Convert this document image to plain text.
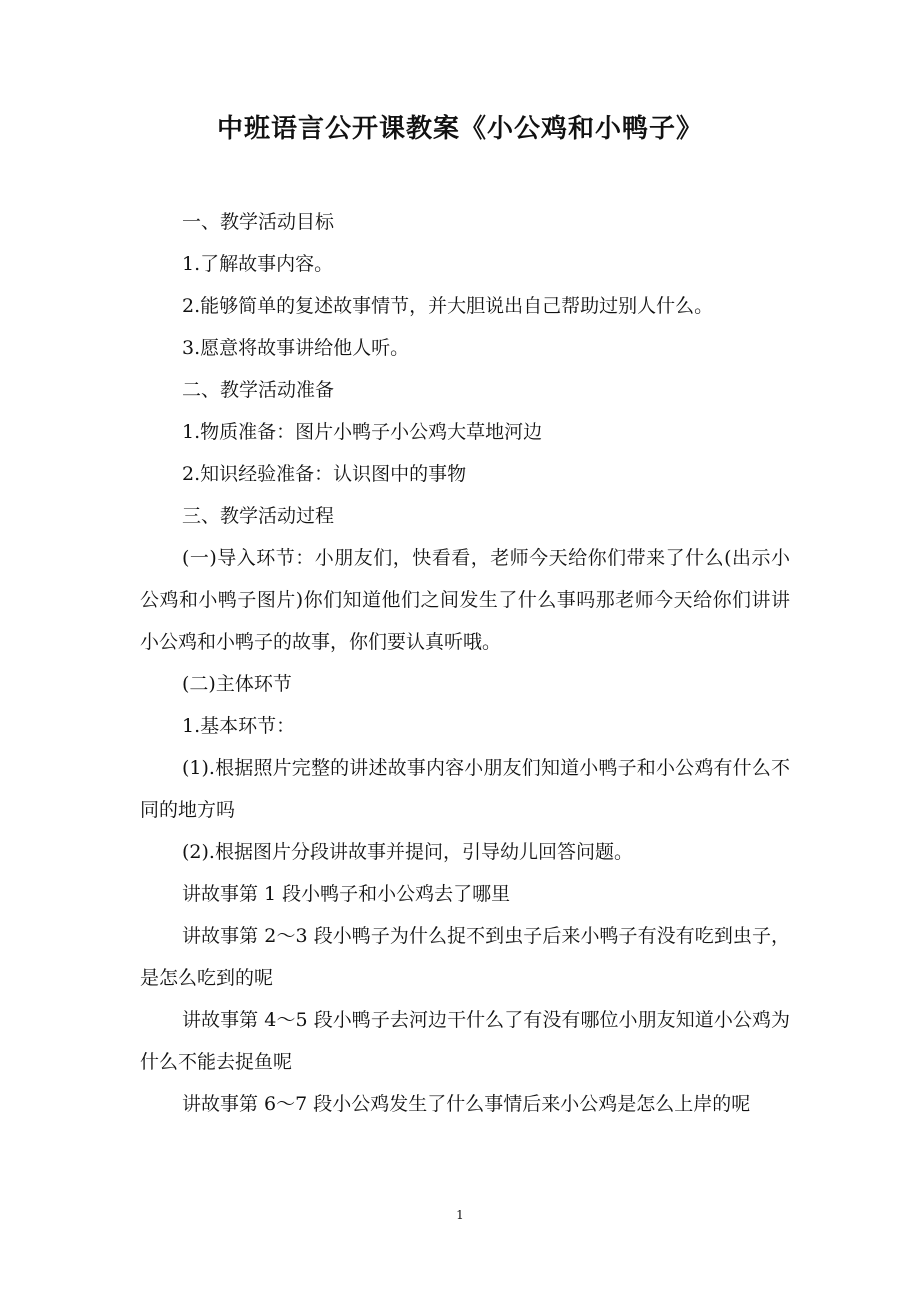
中班语言公开课教案《小公鸡和小鸭子》

一、教学活动目标

1.了解故事内容。

2.能够简单的复述故事情节，并大胆说出自己帮助过别人什么。

3.愿意将故事讲给他人听。

二、教学活动准备

1.物质准备：图片小鸭子小公鸡大草地河边

2.知识经验准备：认识图中的事物

三、教学活动过程

(一)导入环节：小朋友们，快看看，老师今天给你们带来了什么(出示小公鸡和小鸭子图片)你们知道他们之间发生了什么事吗那老师今天给你们讲讲小公鸡和小鸭子的故事，你们要认真听哦。

(二)主体环节

1.基本环节：

(1).根据照片完整的讲述故事内容小朋友们知道小鸭子和小公鸡有什么不同的地方吗

(2).根据图片分段讲故事并提问，引导幼儿回答问题。

讲故事第 1 段小鸭子和小公鸡去了哪里

讲故事第 2～3 段小鸭子为什么捉不到虫子后来小鸭子有没有吃到虫子，是怎么吃到的呢

讲故事第 4～5 段小鸭子去河边干什么了有没有哪位小朋友知道小公鸡为什么不能去捉鱼呢

讲故事第 6～7 段小公鸡发生了什么事情后来小公鸡是怎么上岸的呢

1
